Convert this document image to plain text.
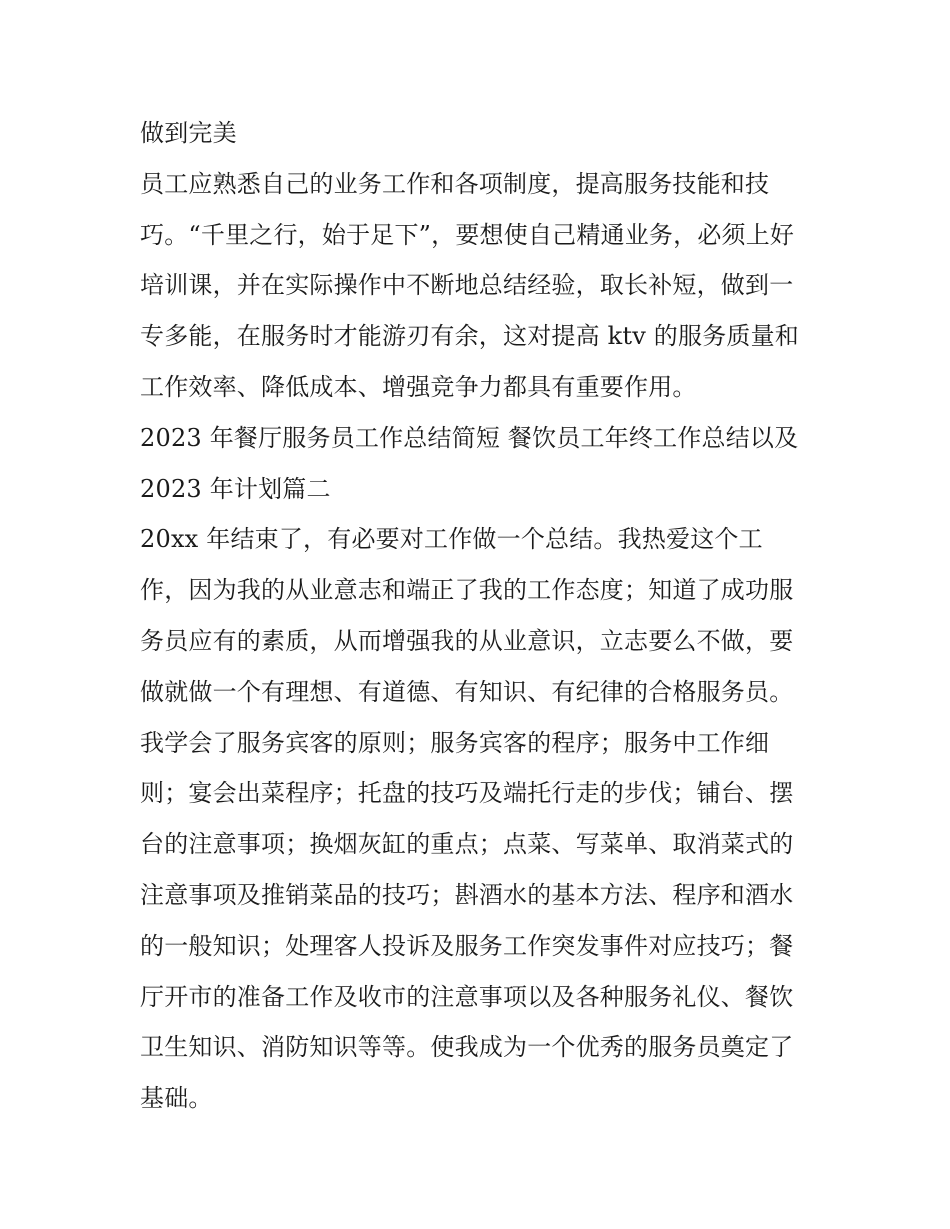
做到完美
员工应熟悉自己的业务工作和各项制度，提高服务技能和技
巧。“千里之行，始于足下”，要想使自己精通业务，必须上好
培训课，并在实际操作中不断地总结经验，取长补短，做到一
专多能，在服务时才能游刃有余，这对提高 ktv 的服务质量和
工作效率、降低成本、增强竞争力都具有重要作用。
2023 年餐厅服务员工作总结简短 餐饮员工年终工作总结以及
2023 年计划篇二
20xx 年结束了，有必要对工作做一个总结。我热爱这个工
作，因为我的从业意志和端正了我的工作态度；知道了成功服
务员应有的素质，从而增强我的从业意识，立志要么不做，要
做就做一个有理想、有道德、有知识、有纪律的合格服务员。
我学会了服务宾客的原则；服务宾客的程序；服务中工作细
则；宴会出菜程序；托盘的技巧及端托行走的步伐；铺台、摆
台的注意事项；换烟灰缸的重点；点菜、写菜单、取消菜式的
注意事项及推销菜品的技巧；斟酒水的基本方法、程序和酒水
的一般知识；处理客人投诉及服务工作突发事件对应技巧；餐
厅开市的准备工作及收市的注意事项以及各种服务礼仪、餐饮
卫生知识、消防知识等等。使我成为一个优秀的服务员奠定了
基础。
